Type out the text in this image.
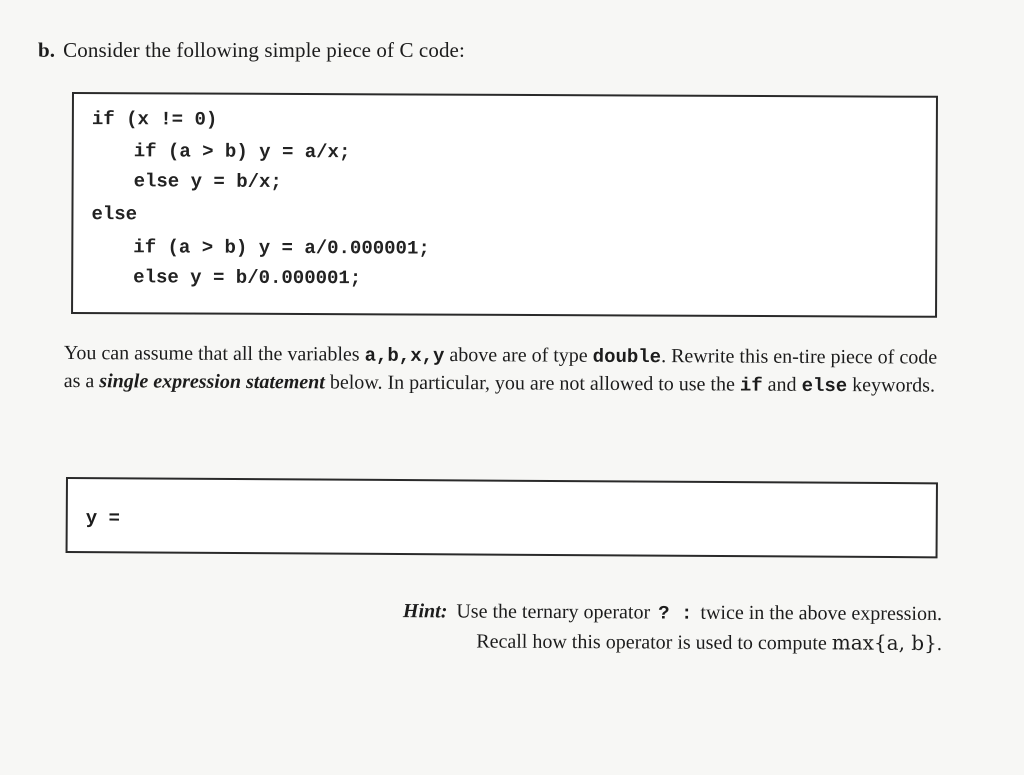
b. Consider the following simple piece of C code:
if (x != 0)
if (a > b) y = a/x;
else y = b/x;
else
if (a > b) y = a/0.000001;
else y = b/0.000001;
You can assume that all the variables a,b,x,y above are of type double. Rewrite this en-tire piece of code as a single expression statement below. In particular, you are not allowed to use the if and else keywords.
y =
Hint: Use the ternary operator ? : twice in the above expression.
Recall how this operator is used to compute max{a, b}.
